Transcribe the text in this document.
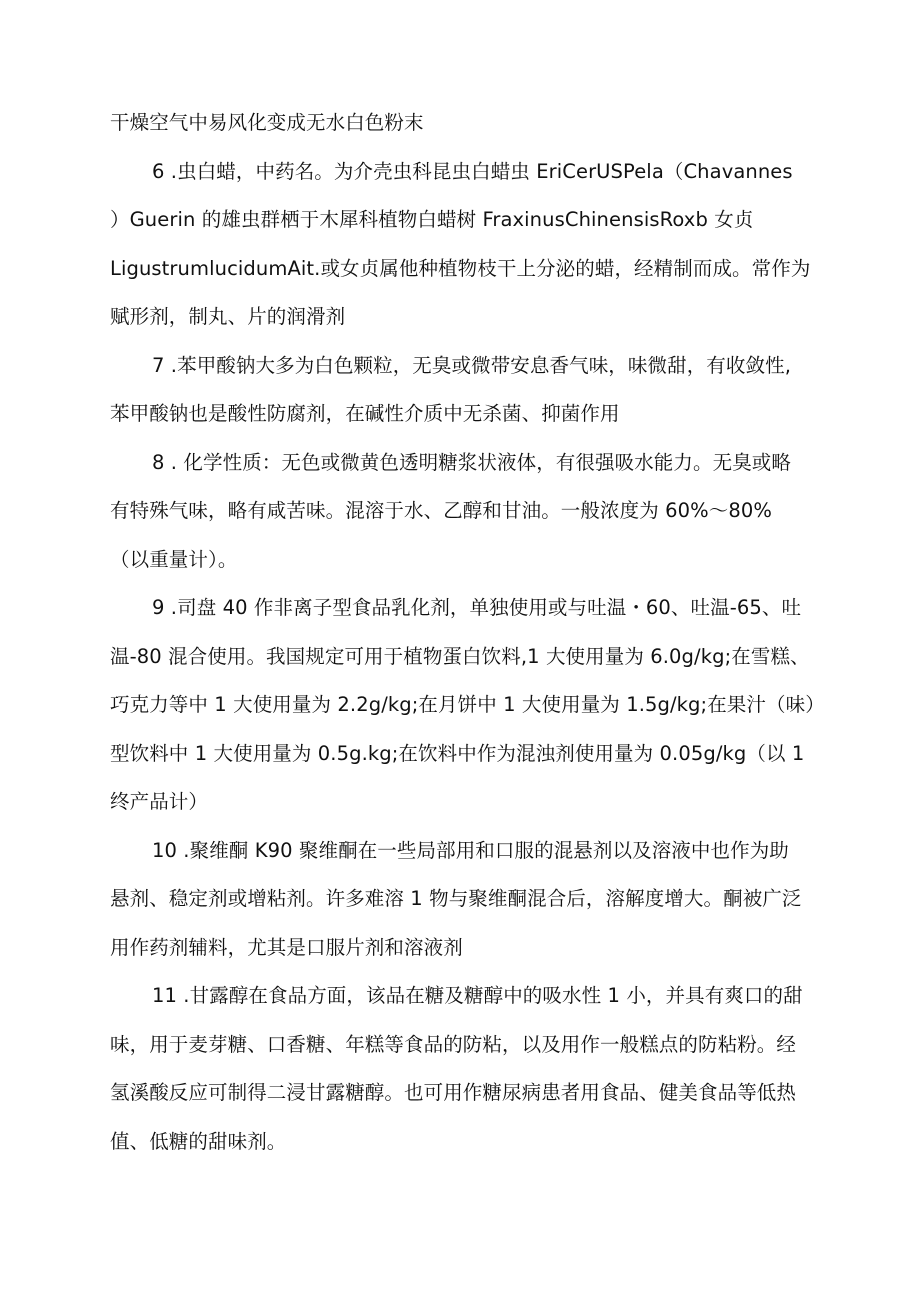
干燥空气中易风化变成无水白色粉末
6 .虫白蜡，中药名。为介壳虫科昆虫白蜡虫 EriCerUSPela（Chavannes
）Guerin 的雄虫群栖于木犀科植物白蜡树 FraxinusChinensisRoxb 女贞
LigustrumlucidumAit.或女贞属他种植物枝干上分泌的蜡，经精制而成。常作为
赋形剂，制丸、片的润滑剂
7 .苯甲酸钠大多为白色颗粒，无臭或微带安息香气味，味微甜，有收敛性,
苯甲酸钠也是酸性防腐剂，在碱性介质中无杀菌、抑菌作用
8 . 化学性质：无色或微黄色透明糖浆状液体，有很强吸水能力。无臭或略
有特殊气味，略有咸苦味。混溶于水、乙醇和甘油。一般浓度为 60%～80%
（以重量计）。
9 .司盘 40 作非离子型食品乳化剂，单独使用或与吐温・60、吐温-65、吐
温-80 混合使用。我国规定可用于植物蛋白饮料,1 大使用量为 6.0g/kg;在雪糕、
巧克力等中 1 大使用量为 2.2g/kg;在月饼中 1 大使用量为 1.5g/kg;在果汁（味）
型饮料中 1 大使用量为 0.5g.kg;在饮料中作为混浊剂使用量为 0.05g/kg（以 1
终产品计）
10 .聚维酮 K90 聚维酮在一些局部用和口服的混悬剂以及溶液中也作为助
悬剂、稳定剂或增粘剂。许多难溶 1 物与聚维酮混合后，溶解度增大。酮被广泛
用作药剂辅料，尤其是口服片剂和溶液剂
11 .甘露醇在食品方面，该品在糖及糖醇中的吸水性 1 小，并具有爽口的甜
味，用于麦芽糖、口香糖、年糕等食品的防粘，以及用作一般糕点的防粘粉。经
氢溪酸反应可制得二浸甘露糖醇。也可用作糖尿病患者用食品、健美食品等低热
值、低糖的甜味剂。
